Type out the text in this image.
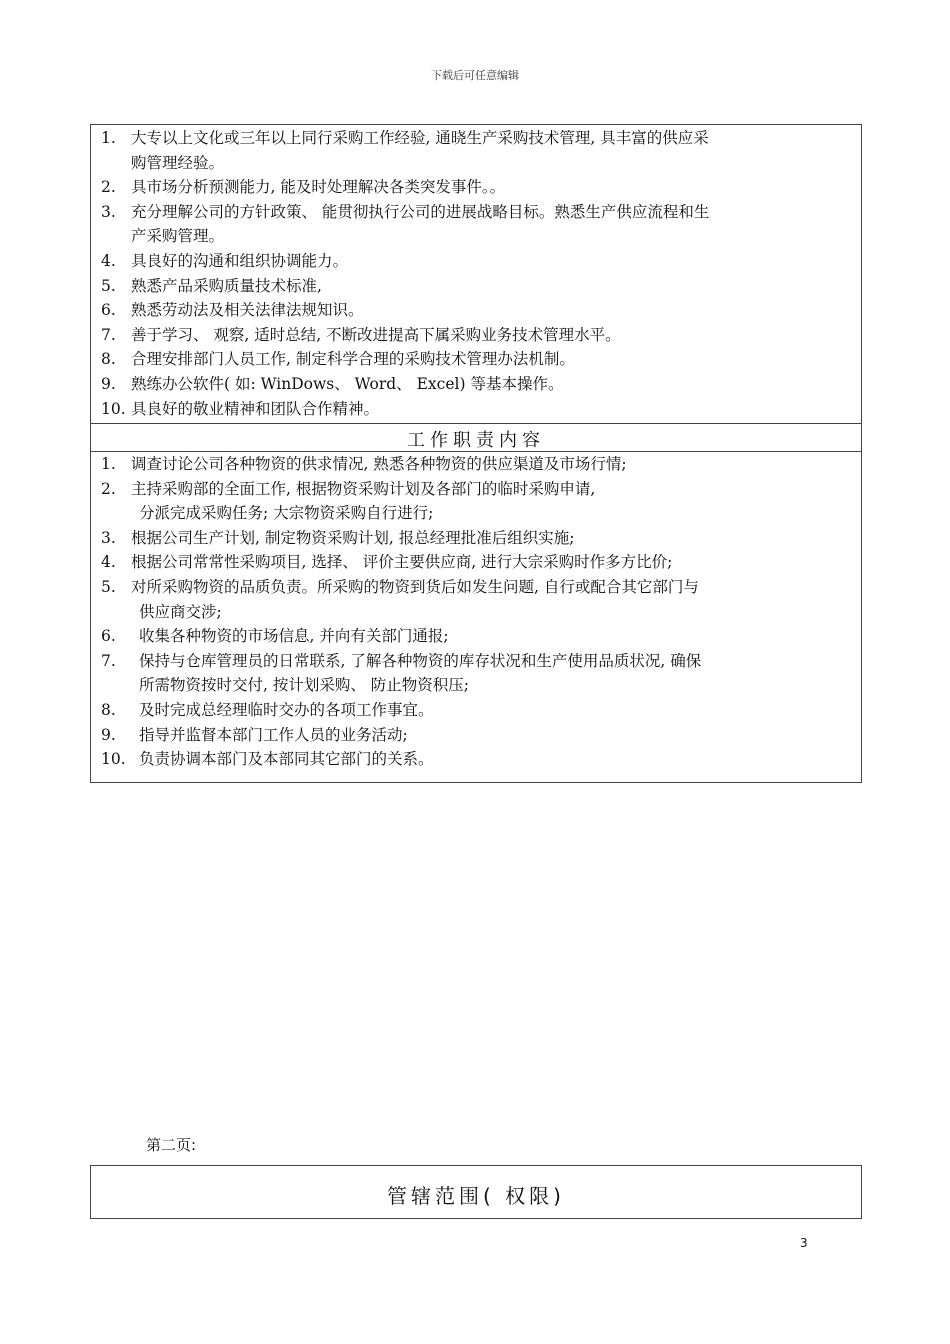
下载后可任意编辑
1. 大专以上文化或三年以上同行采购工作经验, 通晓生产采购技术管理, 具丰富的供应采
购管理经验。
2. 具市场分析预测能力, 能及时处理解决各类突发事件。。
3. 充分理解公司的方针政策、 能贯彻执行公司的进展战略目标。熟悉生产供应流程和生
产采购管理。
4. 具良好的沟通和组织协调能力。
5. 熟悉产品采购质量技术标准,
6. 熟悉劳动法及相关法律法规知识。
7. 善于学习、 观察, 适时总结, 不断改进提高下属采购业务技术管理水平。
8. 合理安排部门人员工作, 制定科学合理的采购技术管理办法机制。
9. 熟练办公软件( 如: WinDows、 Word、 Excel) 等基本操作。
10. 具良好的敬业精神和团队合作精神。
工作职责内容
1. 调查讨论公司各种物资的供求情况, 熟悉各种物资的供应渠道及市场行情;
2. 主持采购部的全面工作, 根据物资采购计划及各部门的临时采购申请,
分派完成采购任务; 大宗物资采购自行进行;
3. 根据公司生产计划, 制定物资采购计划, 报总经理批准后组织实施;
4. 根据公司常常性采购项目, 选择、 评价主要供应商, 进行大宗采购时作多方比价;
5. 对所采购物资的品质负责。所采购的物资到货后如发生问题, 自行或配合其它部门与
供应商交涉;
6. 收集各种物资的市场信息, 并向有关部门通报;
7. 保持与仓库管理员的日常联系, 了解各种物资的库存状况和生产使用品质状况, 确保
所需物资按时交付, 按计划采购、 防止物资积压;
8. 及时完成总经理临时交办的各项工作事宜。
9. 指导并监督本部门工作人员的业务活动;
10. 负责协调本部门及本部同其它部门的关系。
第二页:
管辖范围( 权限)
3
